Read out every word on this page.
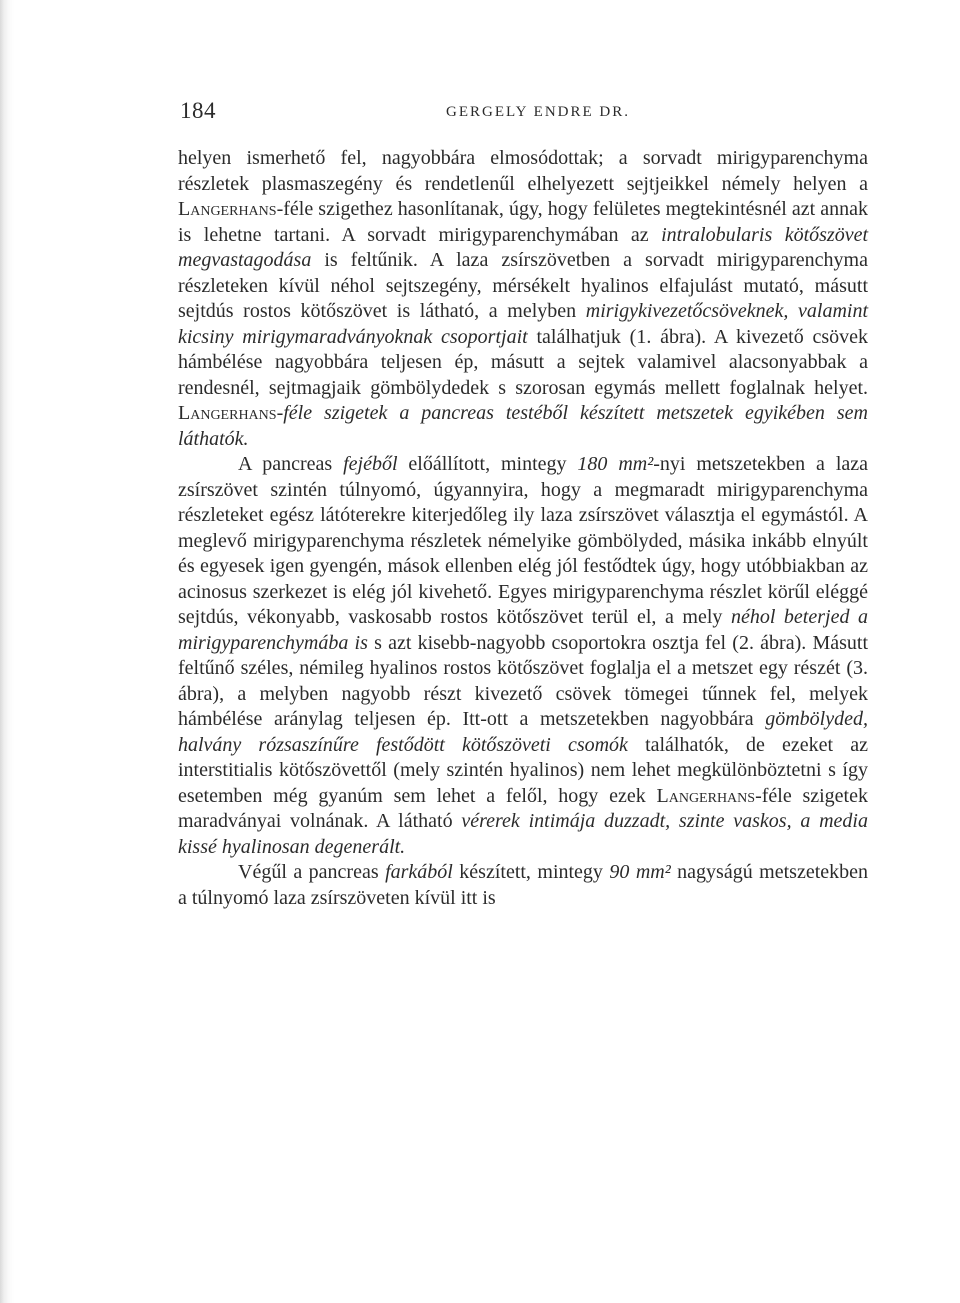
184	GERGELY ENDRE DR.

helyen ismerhető fel, nagyobbára elmosódottak; a sorvadt mirigyparenchyma részletek plasmaszegény és rendetlenűl elhelyezett sejtjeikkel némely helyen a Langerhans-féle szigethez hasonlítanak, úgy, hogy felületes megtekintésnél azt annak is lehetne tartani. A sorvadt mirigyparenchymában az intralobularis kötőszövet megvastagodása is feltűnik. A laza zsírszövetben a sorvadt mirigyparenchyma részleteken kívül néhol sejtszegény, mérsékelt hyalinos elfajulást mutató, másutt sejtdús rostos kötőszövet is látható, a melyben mirigykivezetőcsöveknek, valamint kicsiny mirigymaradványoknak csoportjait találhatjuk (1. ábra). A kivezető csövek hámbélése nagyobbára teljesen ép, másutt a sejtek valamivel alacsonyabbak a rendesnél, sejtmagjaik gömbölydedek s szorosan egymás mellett foglalnak helyet. Langerhans-féle szigetek a pancreas testéből készített metszetek egyikében sem láthatók.

A pancreas fejéből előállított, mintegy 180 mm²-nyi metszetekben a laza zsírszövet szintén túlnyomó, úgyannyira, hogy a megmaradt mirigyparenchyma részleteket egész látóterekre kiterjedőleg ily laza zsírszövet választja el egymástól. A meglevő mirigyparenchyma részletek némelyike gömbölyded, másika inkább elnyúlt és egyesek igen gyengén, mások ellenben elég jól festődtek úgy, hogy utóbbiakban az acinosus szerkezet is elég jól kivehető. Egyes mirigyparenchyma részlet körűl eléggé sejtdús, vékonyabb, vaskosabb rostos kötőszövet terül el, a mely néhol beterjed a mirigyparenchymába is s azt kisebb-nagyobb csoportokra osztja fel (2. ábra). Másutt feltűnő széles, némileg hyalinos rostos kötőszövet foglalja el a metszet egy részét (3. ábra), a melyben nagyobb részt kivezető csövek tömegei tűnnek fel, melyek hámbélése aránylag teljesen ép. Itt-ott a metszetekben nagyobbára gömbölyded, halvány rózsaszínűre festődött kötőszöveti csomók találhatók, de ezeket az interstitialis kötőszövettől (mely szintén hyalinos) nem lehet megkülönböztetni s így esetemben még gyanúm sem lehet a felől, hogy ezek Langerhans-féle szigetek maradványai volnának. A látható vérerek intimája duzzadt, szinte vaskos, a media kissé hyalinosan degenerált.

Végűl a pancreas farkából készített, mintegy 90 mm² nagyságú metszetekben a túlnyomó laza zsírszöveten kívül itt is
